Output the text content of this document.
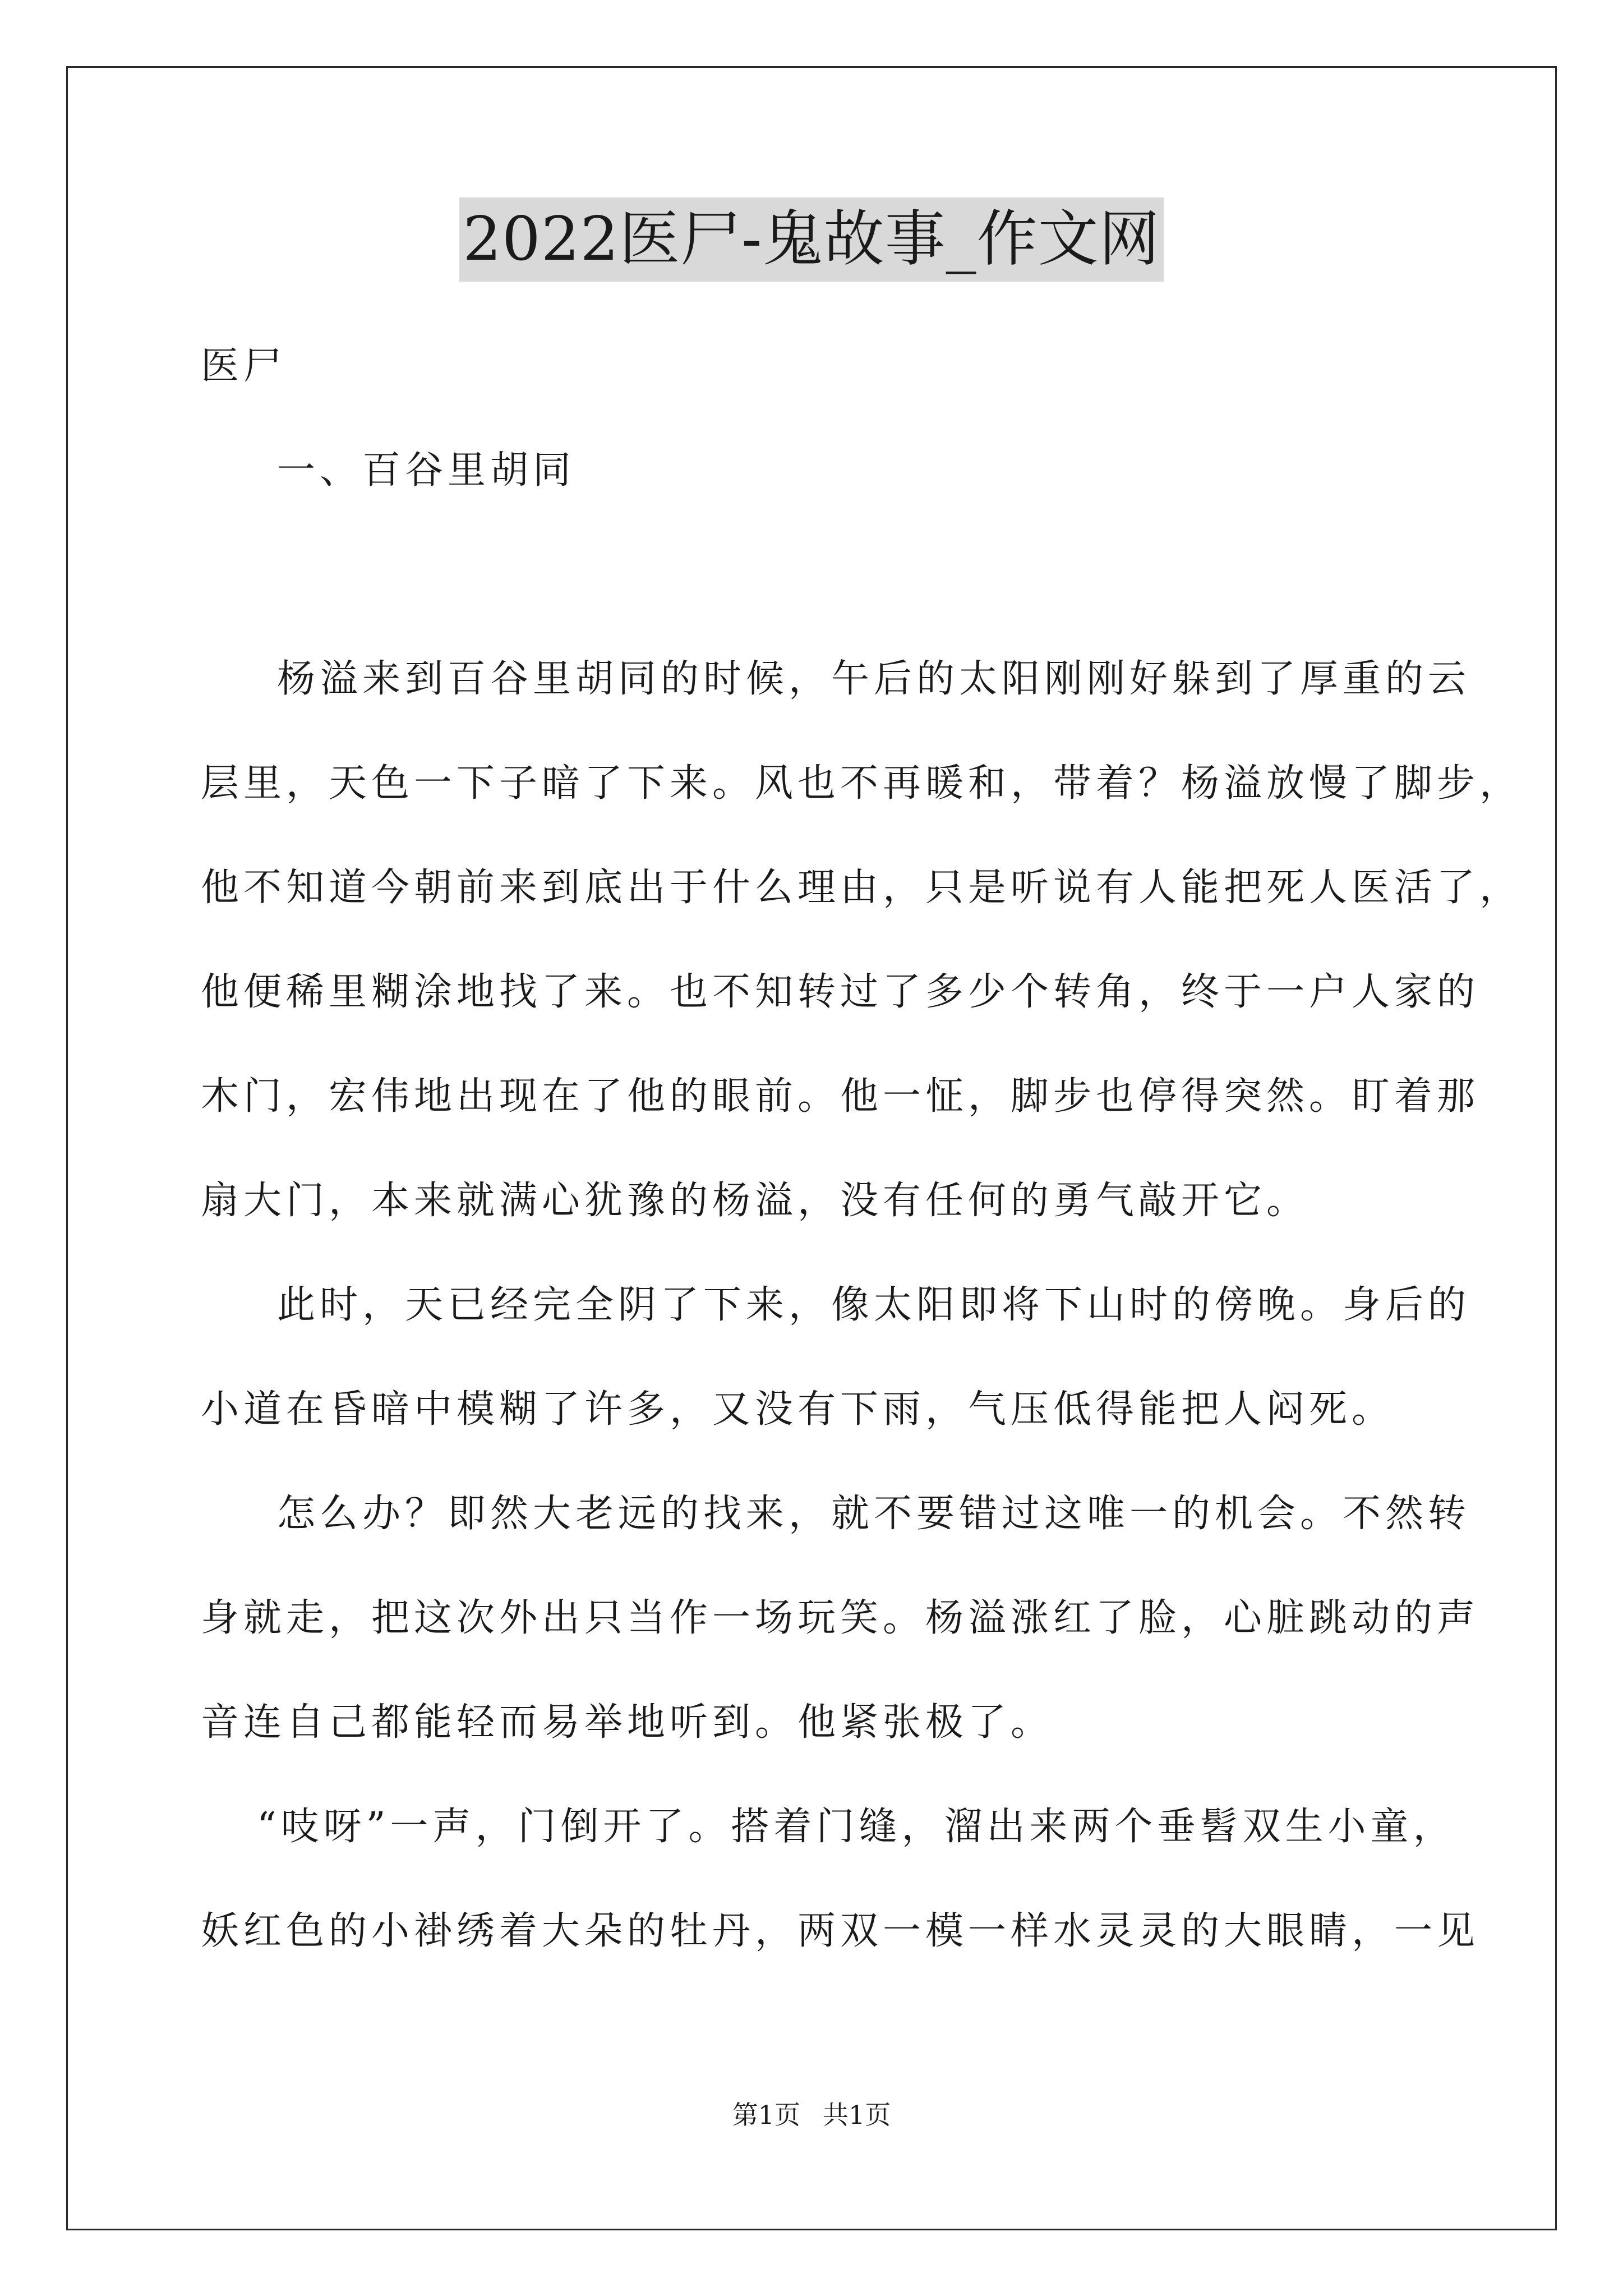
2022医尸-鬼故事_作文网
医尸
一、百谷里胡同
杨溢来到百谷里胡同的时候，午后的太阳刚刚好躲到了厚重的云
层里，天色一下子暗了下来。风也不再暖和，带着？杨溢放慢了脚步，
他不知道今朝前来到底出于什么理由，只是听说有人能把死人医活了，
他便稀里糊涂地找了来。也不知转过了多少个转角，终于一户人家的
木门，宏伟地出现在了他的眼前。他一怔，脚步也停得突然。盯着那
扇大门，本来就满心犹豫的杨溢，没有任何的勇气敲开它。
此时，天已经完全阴了下来，像太阳即将下山时的傍晚。身后的
小道在昏暗中模糊了许多，又没有下雨，气压低得能把人闷死。
怎么办？即然大老远的找来，就不要错过这唯一的机会。不然转
身就走，把这次外出只当作一场玩笑。杨溢涨红了脸，心脏跳动的声
音连自己都能轻而易举地听到。他紧张极了。
“吱呀”一声，门倒开了。搭着门缝，溜出来两个垂髫双生小童，
妖红色的小褂绣着大朵的牡丹，两双一模一样水灵灵的大眼睛，一见
第1页 共1页
